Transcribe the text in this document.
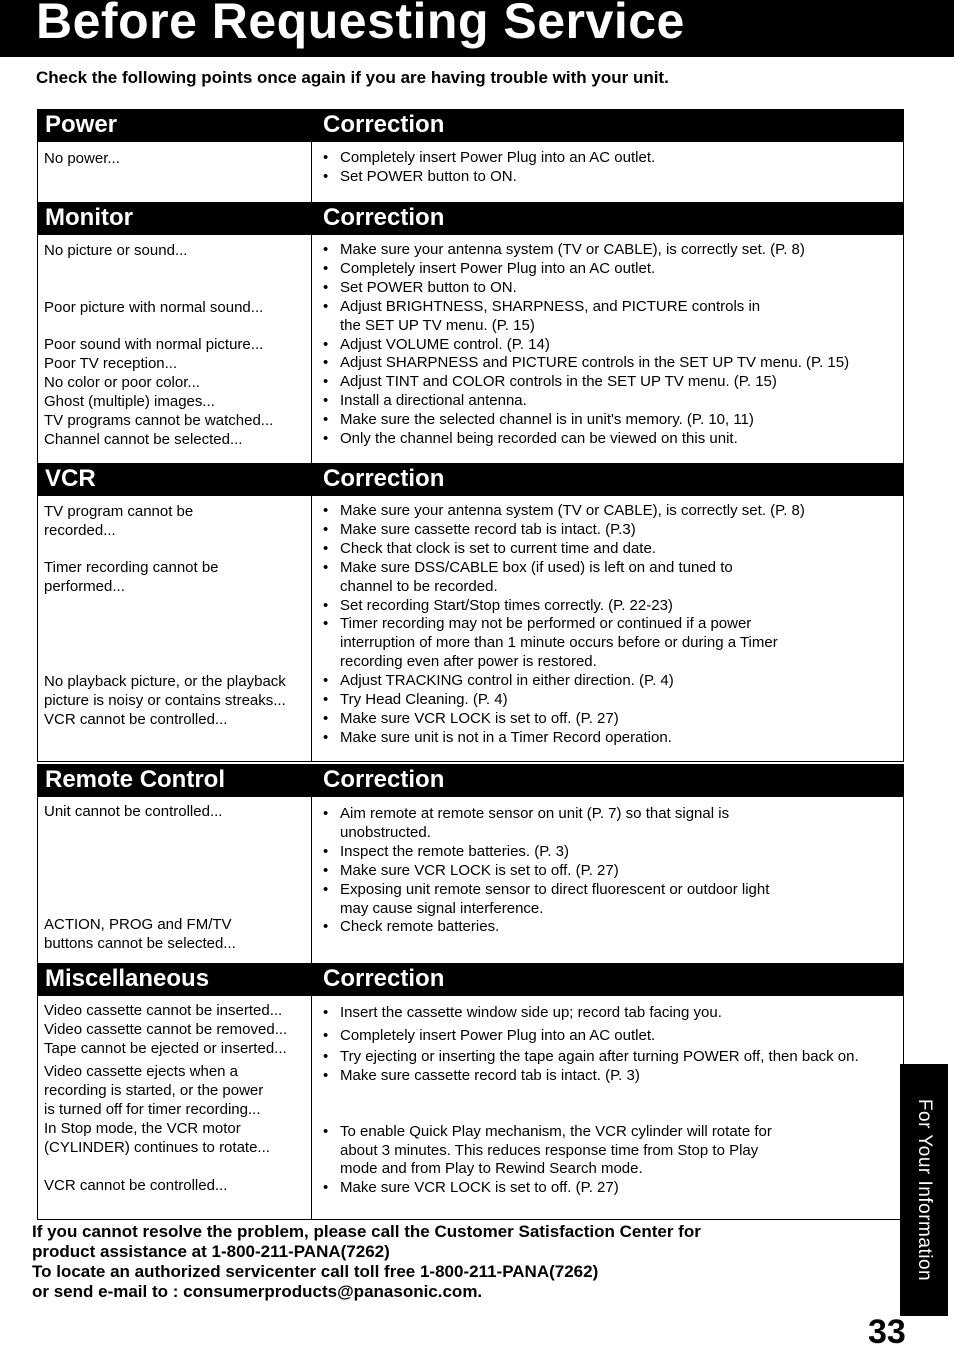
Before Requesting Service
Check the following points once again if you are having trouble with your unit.
Power	Correction
No power...
•	Completely insert Power Plug into an AC outlet.
• Set POWER button to ON.
Monitor	Correction
No picture or sound...
Poor picture with normal sound...
Poor sound with normal picture...
Poor TV reception...
No color or poor color...
Ghost (multiple) images...
TV programs cannot be watched...
Channel cannot be selected...
• Make sure your antenna system (TV or CABLE), is correctly set. (P. 8)
• Completely insert Power Plug into an AC outlet.
• Set POWER button to ON.
• Adjust BRIGHTNESS, SHARPNESS, and PICTURE controls in
the SET UP TV menu. (P. 15)
• Adjust VOLUME control. (P. 14)
• Adjust SHARPNESS and PICTURE controls in the SET UP TV menu. (P. 15)
• Adjust TINT and COLOR controls in the SET UP TV menu. (P. 15)
• Install a directional antenna.
• Make sure the selected channel is in unit's memory. (P. 10, 11)
• Only the channel being recorded can be viewed on this unit.
VCR	Correction
TV program cannot be
recorded...
Timer recording cannot be
performed...
No playback picture, or the playback
picture is noisy or contains streaks...
VCR cannot be controlled...
• Make sure your antenna system (TV or CABLE), is correctly set. (P. 8)
• Make sure cassette record tab is intact. (P.3)
• Check that clock is set to current time and date.
• Make sure DSS/CABLE box (if used) is left on and tuned to
channel to be recorded.
• Set recording Start/Stop times correctly. (P. 22-23)
• Timer recording may not be performed or continued if a power
interruption of more than 1 minute occurs before or during a Timer
recording even after power is restored.
• Adjust TRACKING control in either direction. (P. 4)
• Try Head Cleaning. (P. 4)
• Make sure VCR LOCK is set to off. (P. 27)
• Make sure unit is not in a Timer Record operation.
Remote Control	Correction
Unit cannot be controlled...
ACTION, PROG and FM/TV
buttons cannot be selected...
• Aim remote at remote sensor on unit (P. 7) so that signal is
unobstructed.
• Inspect the remote batteries. (P. 3)
• Make sure VCR LOCK is set to off. (P. 27)
• Exposing unit remote sensor to direct fluorescent or outdoor light
may cause signal interference.
• Check remote batteries.
Miscellaneous	Correction
Video cassette cannot be inserted...
Video cassette cannot be removed...
Tape cannot be ejected or inserted...
Video cassette ejects when a
recording is started, or the power
is turned off for timer recording...
In Stop mode, the VCR motor
(CYLINDER) continues to rotate...
VCR cannot be controlled...
• Insert the cassette window side up; record tab facing you.
• Completely insert Power Plug into an AC outlet.
• Try ejecting or inserting the tape again after turning POWER off, then back on.
• Make sure cassette record tab is intact. (P. 3)
• To enable Quick Play mechanism, the VCR cylinder will rotate for
about 3 minutes. This reduces response time from Stop to Play
mode and from Play to Rewind Search mode.
• Make sure VCR LOCK is set to off. (P. 27)
If you cannot resolve the problem, please call the Customer Satisfaction Center for
product assistance at 1-800-211-PANA(7262)
To locate an authorized servicenter call toll free 1-800-211-PANA(7262)
or send e-mail to : consumerproducts@panasonic.com.
For Your Information
33
